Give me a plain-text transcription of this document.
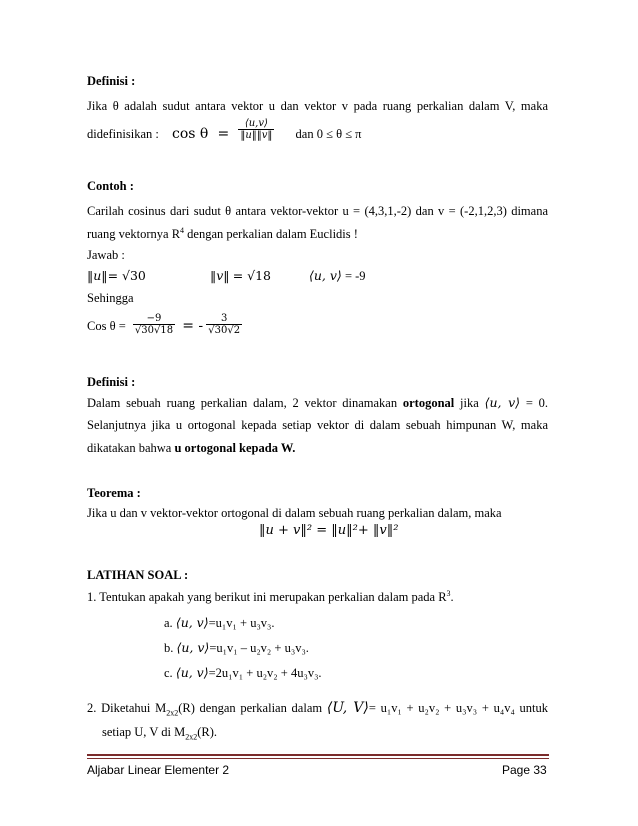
Definisi :
Jika θ adalah sudut antara vektor u dan vektor v pada ruang perkalian dalam V, maka
didefinisikan : $\cos \theta = \frac{⟨u,v⟩}{‖u‖‖v‖}$ dan 0 ≤ θ ≤ π
Contoh :
Carilah cosinus dari sudut θ antara vektor-vektor u = (4,3,1,-2) dan v = (-2,1,2,3) dimana
ruang vektornya $R^4$ dengan perkalian dalam Euclidis !
Jawab :
‖u‖= √30	‖v‖ = √18	⟨u, v⟩ = -9
Sehingga
Cos $\theta = \frac{-9}{√30√18}$ = - $\frac{3}{√30√2}$
Definisi :
Dalam sebuah ruang perkalian dalam, 2 vektor dinamakan ortogonal jika ⟨u, v⟩ = 0.
Selanjutnya jika u ortogonal kepada setiap vektor di dalam sebuah himpunan W, maka
dikatakan bahwa u ortogonal kepada W.
Teorema :
Jika u dan v vektor-vektor ortogonal di dalam sebuah ruang perkalian dalam, maka
‖u + v‖² = ‖u‖²+ ‖v‖²
LATIHAN SOAL :
1. Tentukan apakah yang berikut ini merupakan perkalian dalam pada $R^3$.
a. ⟨u, v⟩=u₁v₁ + u₃v₃.
b. ⟨u, v⟩=u₁v₁ – u₂v₂ + u₃v₃.
c. ⟨u, v⟩=2u₁v₁ + u₂v₂ + 4u₃v₃.
2. Diketahui $M_{2x2}(R)$ dengan perkalian dalam ⟨U, V⟩= u₁v₁ + u₂v₂ + u₃v₃ + u₄v₄ untuk
setiap U, V di $M_{2x2}(R)$.
Aljabar Linear Elementer 2	Page 33
